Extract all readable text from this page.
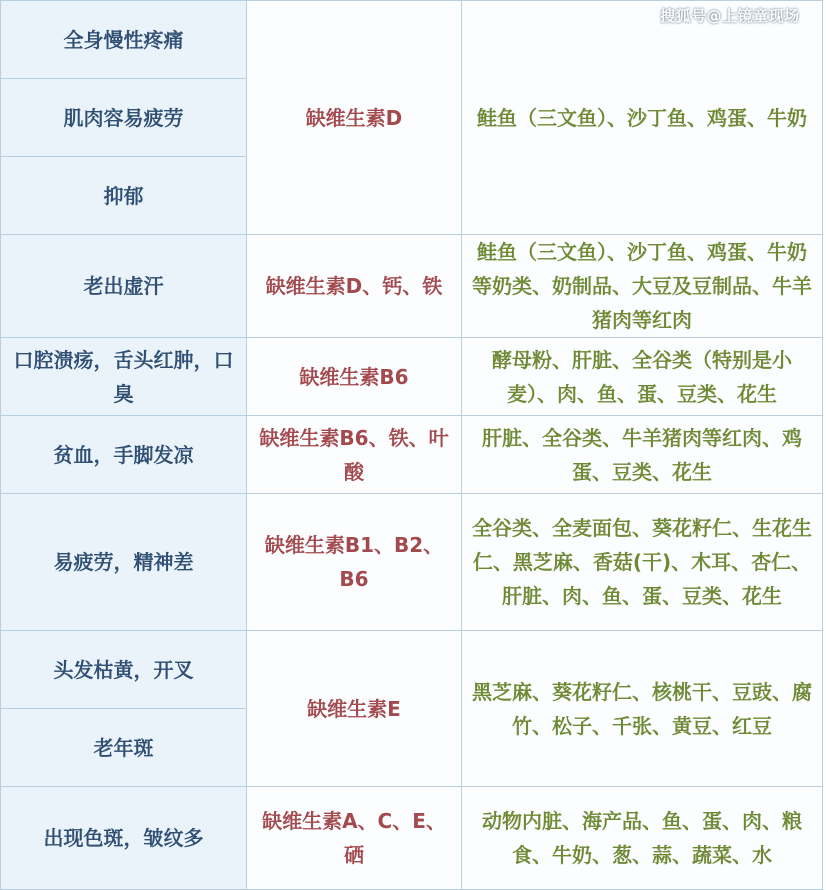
全身慢性疼痛	缺维生素D	鲑鱼（三文鱼）、沙丁鱼、鸡蛋、牛奶
肌肉容易疲劳		
抑郁		
老出虚汗	缺维生素D、钙、铁	鲑鱼（三文鱼）、沙丁鱼、鸡蛋、牛奶等奶类、奶制品、大豆及豆制品、牛羊猪肉等红肉
口腔溃疡，舌头红肿，口臭	缺维生素B6	酵母粉、肝脏、全谷类（特别是小麦）、肉、鱼、蛋、豆类、花生
贫血，手脚发凉	缺维生素B6、铁、叶酸	肝脏、全谷类、牛羊猪肉等红肉、鸡蛋、豆类、花生
易疲劳，精神差	缺维生素B1、B2、B6	全谷类、全麦面包、葵花籽仁、生花生仁、黑芝麻、香菇(干)、木耳、杏仁、肝脏、肉、鱼、蛋、豆类、花生
头发枯黄，开叉	缺维生素E	黑芝麻、葵花籽仁、核桃干、豆豉、腐竹、松子、千张、黄豆、红豆
老年斑		
出现色斑，皱纹多	缺维生素A、C、E、硒	动物内脏、海产品、鱼、蛋、肉、粮食、牛奶、葱、蒜、蔬菜、水
搜狐号@上镜童现场
